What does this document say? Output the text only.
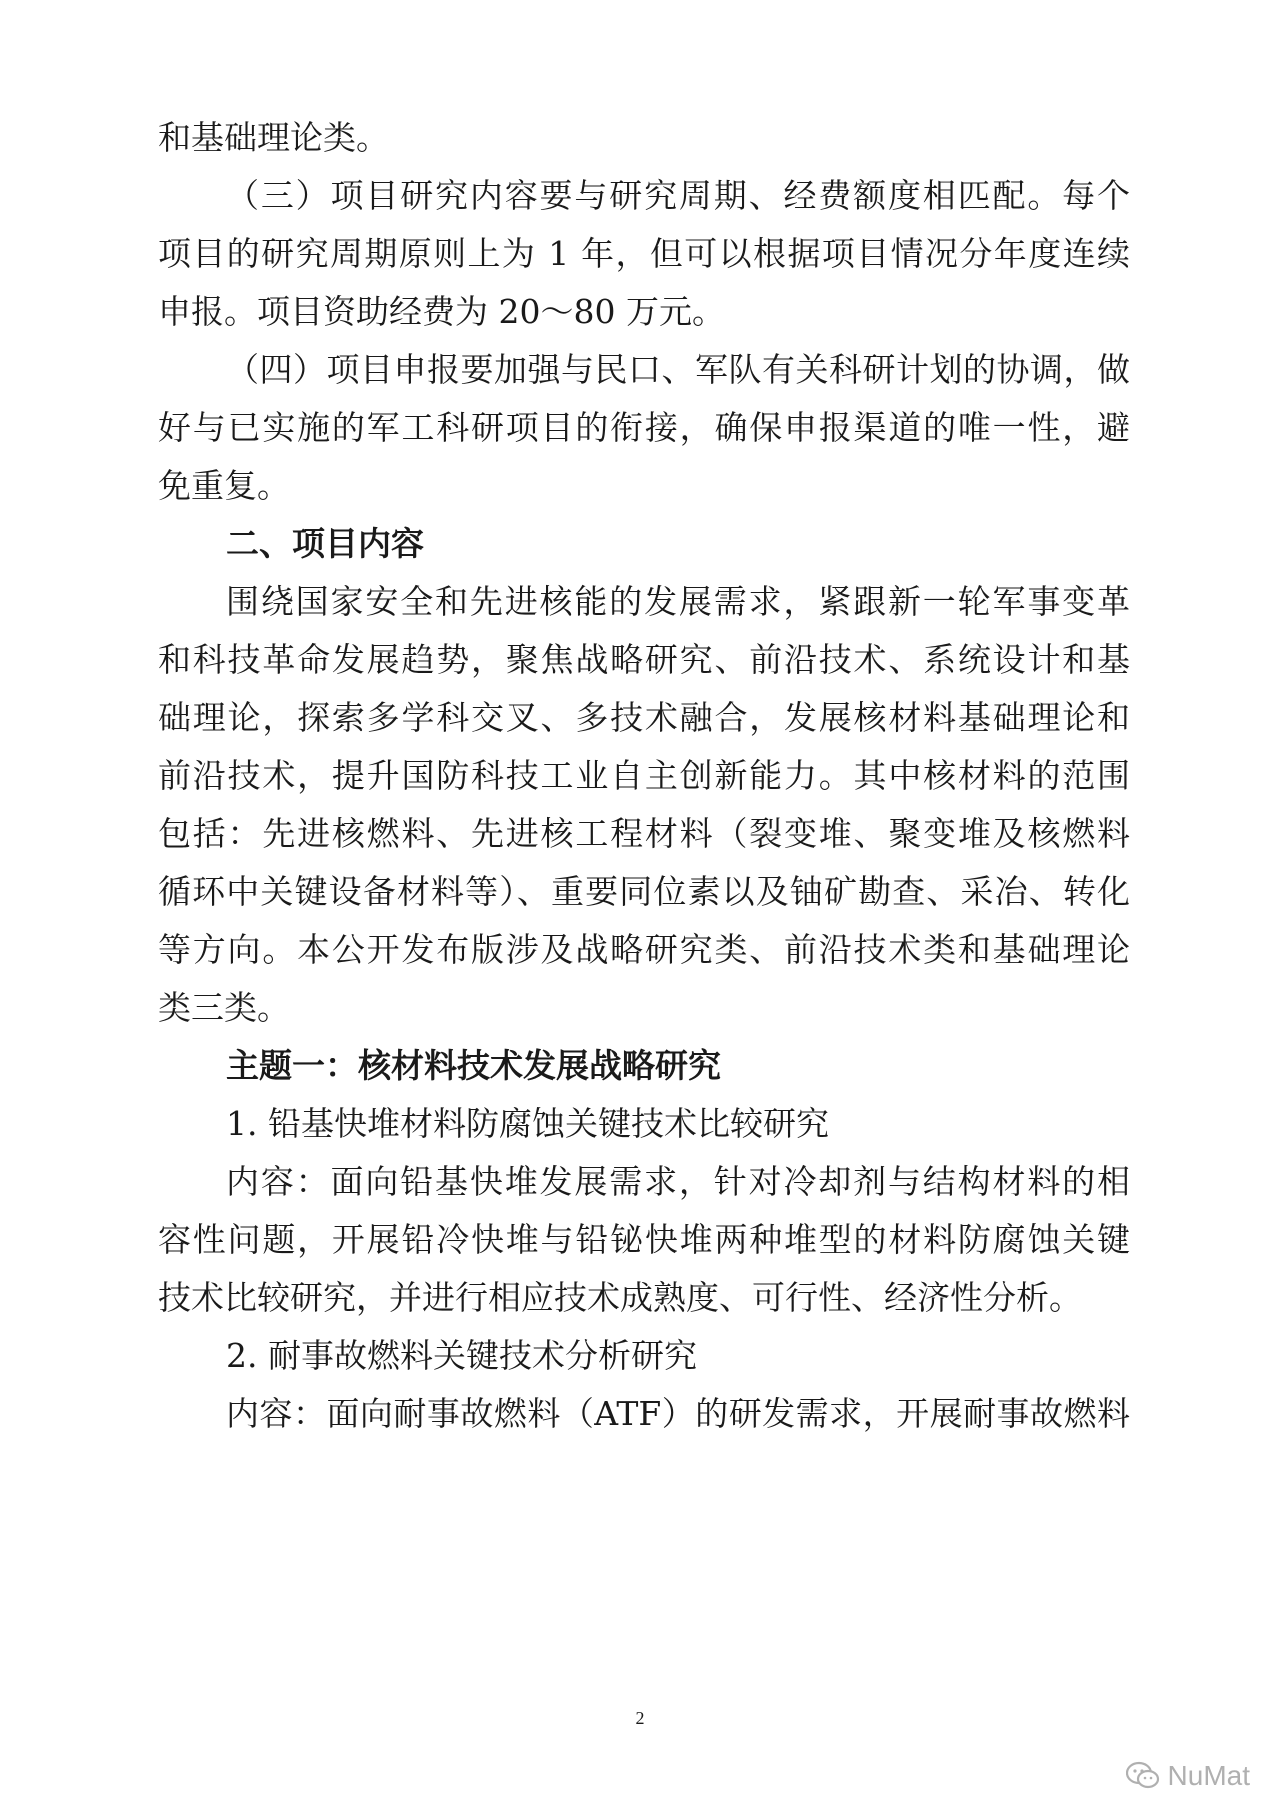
和基础理论类。
（三）项目研究内容要与研究周期、经费额度相匹配。每个
项目的研究周期原则上为 1 年，但可以根据项目情况分年度连续
申报。项目资助经费为 20～80 万元。
（四）项目申报要加强与民口、军队有关科研计划的协调，做
好与已实施的军工科研项目的衔接，确保申报渠道的唯一性，避
免重复。
二、项目内容
围绕国家安全和先进核能的发展需求，紧跟新一轮军事变革
和科技革命发展趋势，聚焦战略研究、前沿技术、系统设计和基
础理论，探索多学科交叉、多技术融合，发展核材料基础理论和
前沿技术，提升国防科技工业自主创新能力。其中核材料的范围
包括：先进核燃料、先进核工程材料（裂变堆、聚变堆及核燃料
循环中关键设备材料等）、重要同位素以及铀矿勘查、采冶、转化
等方向。本公开发布版涉及战略研究类、前沿技术类和基础理论
类三类。
主题一：核材料技术发展战略研究
1. 铅基快堆材料防腐蚀关键技术比较研究
内容：面向铅基快堆发展需求，针对冷却剂与结构材料的相
容性问题，开展铅冷快堆与铅铋快堆两种堆型的材料防腐蚀关键
技术比较研究，并进行相应技术成熟度、可行性、经济性分析。
2. 耐事故燃料关键技术分析研究
内容：面向耐事故燃料（ATF）的研发需求，开展耐事故燃料
2
NuMat
